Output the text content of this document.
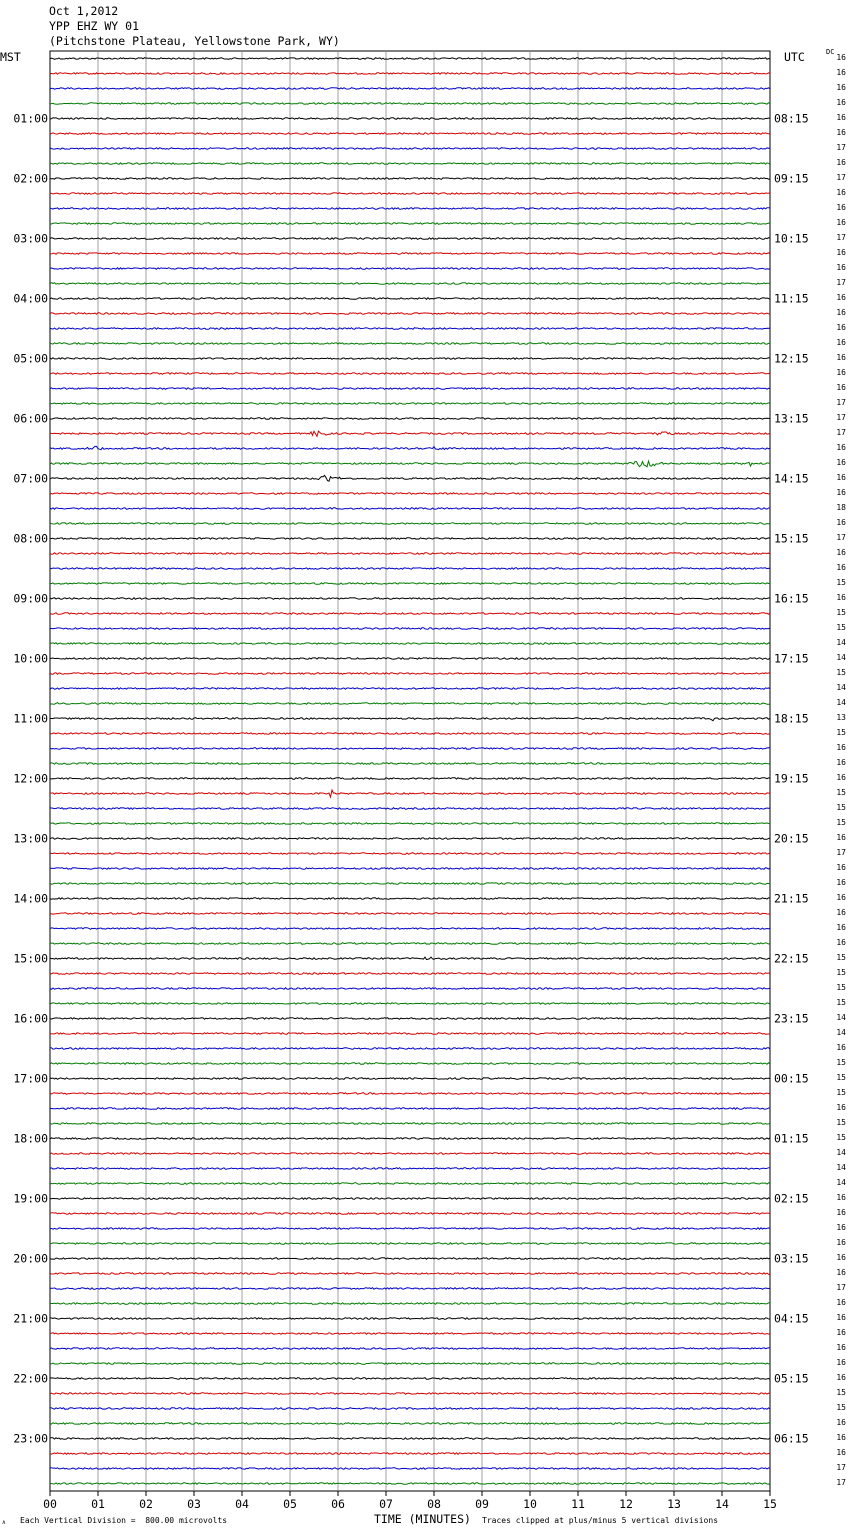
00	01	02	03	04	05	06	07	08	09	10	11	12	13	14	15
01:00
02:00
03:00
04:00
05:00
06:00
07:00
08:00
09:00
10:00
11:00
12:00
13:00
14:00
15:00
16:00
17:00
18:00
19:00
20:00
21:00
22:00
23:00
08:15
09:15
10:15
11:15
12:15
13:15
14:15
15:15
16:15
17:15
18:15
19:15
20:15
21:15
22:15
23:15
00:15
01:15
02:15
03:15
04:15
05:15
06:15
16
16
16
16
16
16
17
16
17
16
16
16
17
16
16
17
16
16
16
16
16
16
16
17
17
17
16
16
16
16
18
16
17
16
16
15
16
15
15
14
14
15
14
14
13
15
16
16
16
15
15
15
16
17
16
16
16
16
16
16
15
15
15
15
14
14
16
15
15
15
16
15
15
14
14
14
16
16
16
16
16
16
17
16
16
16
16
16
16
15
15
16
16
16
17
17
Oct 1,2012
YPP EHZ WY 01
(Pitchstone Plateau, Yellowstone Park, WY)
MST	UTC	DC
TIME (MINUTES)
∧ Each Vertical Division =  800.00 microvolts	Traces clipped at plus/minus 5 vertical divisions
